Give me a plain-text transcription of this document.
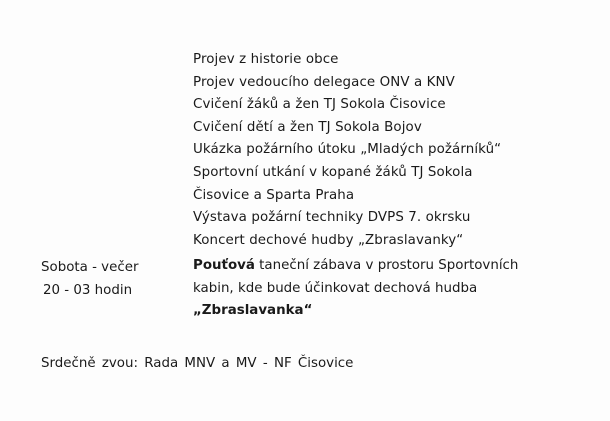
Projev z historie obce
Projev vedoucího delegace ONV a KNV
Cvičení žáků a žen TJ Sokola Čisovice
Cvičení dětí a žen TJ Sokola Bojov
Ukázka požárního útoku „Mladých požárníků“
Sportovní utkání v kopané žáků TJ Sokola
Čisovice a Sparta Praha
Výstava požární techniky DVPS 7. okrsku
Koncert dechové hudby „Zbraslavanky“
Sobota - večer
20 - 03 hodin
Pouťová taneční zábava v prostoru Sportovních
kabin, kde bude účinkovat dechová hudba
„Zbraslavanka“
Srdečně zvou: Rada MNV a MV - NF Čisovice
